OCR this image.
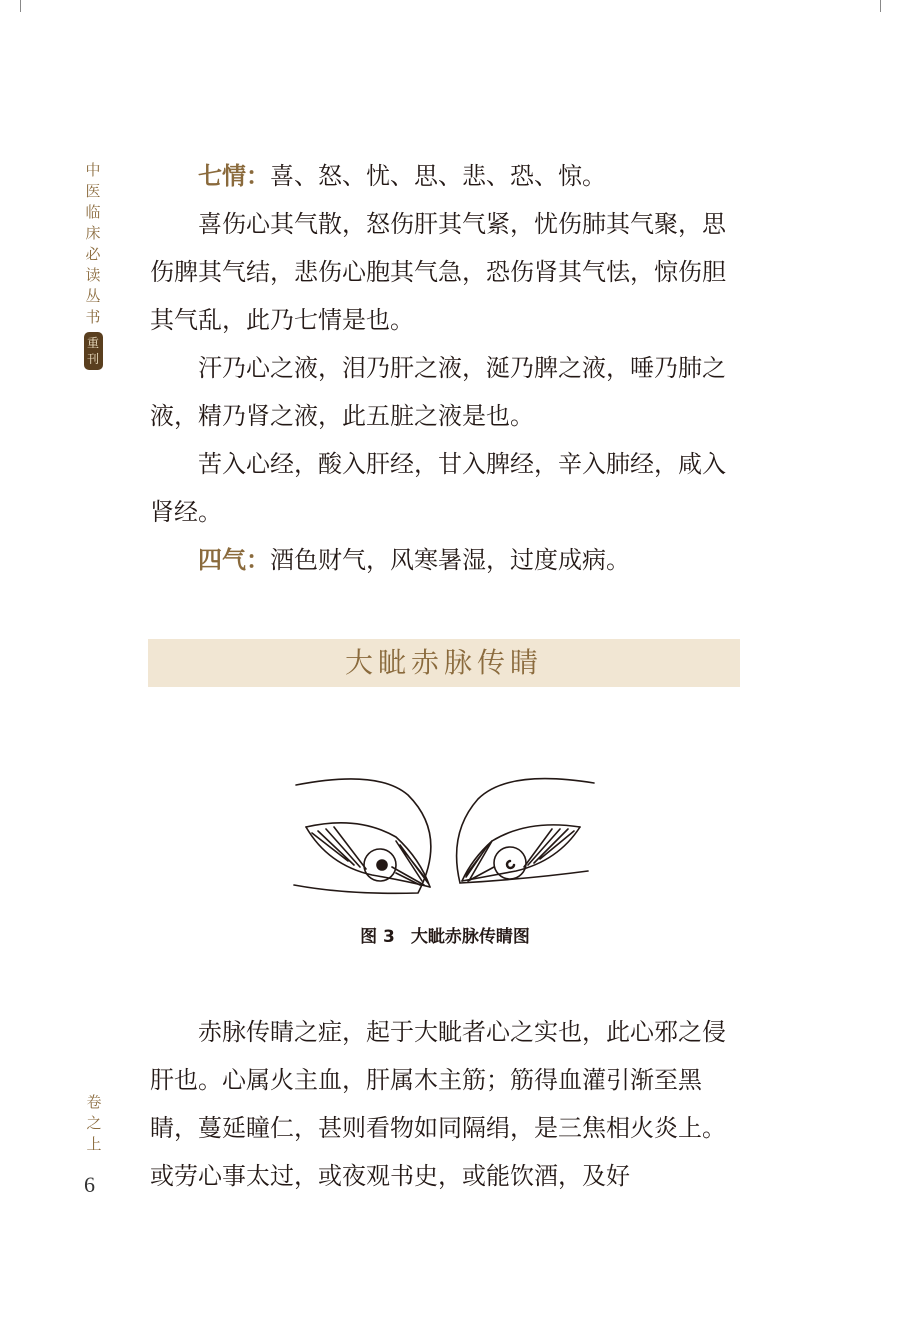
中
医
临
床
必
读
丛
书
重
刊
卷
之
上
6

七情：喜、怒、忧、思、悲、恐、惊。

喜伤心其气散，怒伤肝其气紧，忧伤肺其气聚，思伤脾其气结，悲伤心胞其气急，恐伤肾其气怯，惊伤胆其气乱，此乃七情是也。

汗乃心之液，泪乃肝之液，涎乃脾之液，唾乃肺之液，精乃肾之液，此五脏之液是也。

苦入心经，酸入肝经，甘入脾经，辛入肺经，咸入肾经。

四气：酒色财气，风寒暑湿，过度成病。

大眦赤脉传睛
图 3 大眦赤脉传睛图

赤脉传睛之症，起于大眦者心之实也，此心邪之侵肝也。心属火主血，肝属木主筋；筋得血灌引渐至黑睛，蔓延瞳仁，甚则看物如同隔绢，是三焦相火炎上。或劳心事太过，或夜观书史，或能饮酒，及好
